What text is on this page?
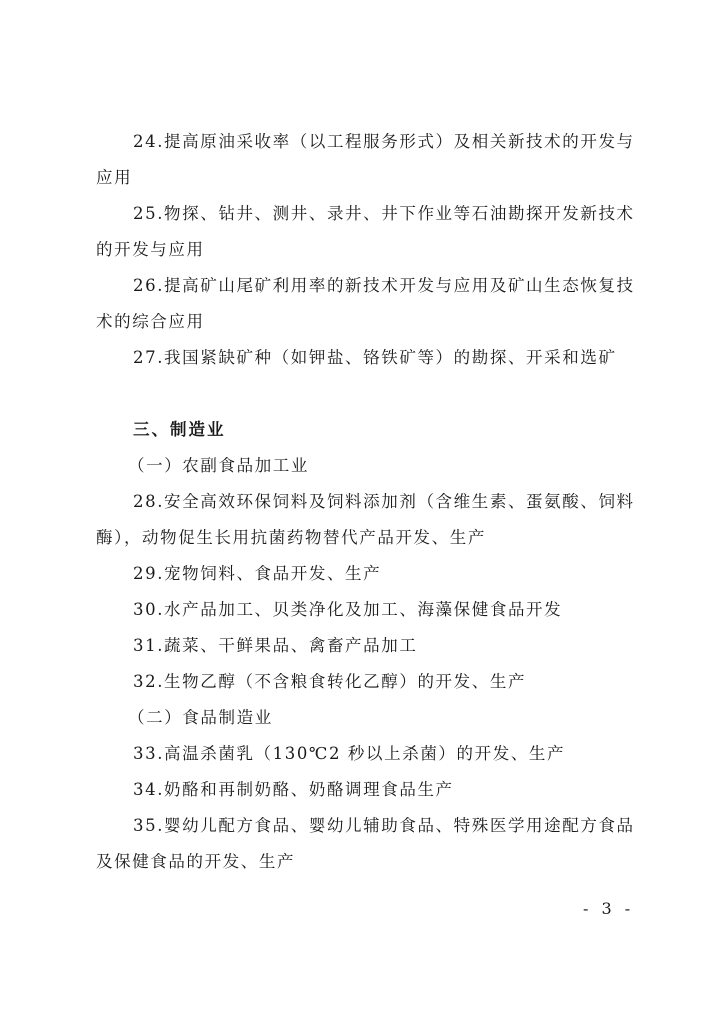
24.提高原油采收率（以工程服务形式）及相关新技术的开发与
应用
25.物探、钻井、测井、录井、井下作业等石油勘探开发新技术
的开发与应用
26.提高矿山尾矿利用率的新技术开发与应用及矿山生态恢复技
术的综合应用
27.我国紧缺矿种（如钾盐、铬铁矿等）的勘探、开采和选矿
三、制造业
（一）农副食品加工业
28.安全高效环保饲料及饲料添加剂（含维生素、蛋氨酸、饲料
酶），动物促生长用抗菌药物替代产品开发、生产
29.宠物饲料、食品开发、生产
30.水产品加工、贝类净化及加工、海藻保健食品开发
31.蔬菜、干鲜果品、禽畜产品加工
32.生物乙醇（不含粮食转化乙醇）的开发、生产
（二）食品制造业
33.高温杀菌乳（130℃2 秒以上杀菌）的开发、生产
34.奶酪和再制奶酪、奶酪调理食品生产
35.婴幼儿配方食品、婴幼儿辅助食品、特殊医学用途配方食品
及保健食品的开发、生产
- 3 -
